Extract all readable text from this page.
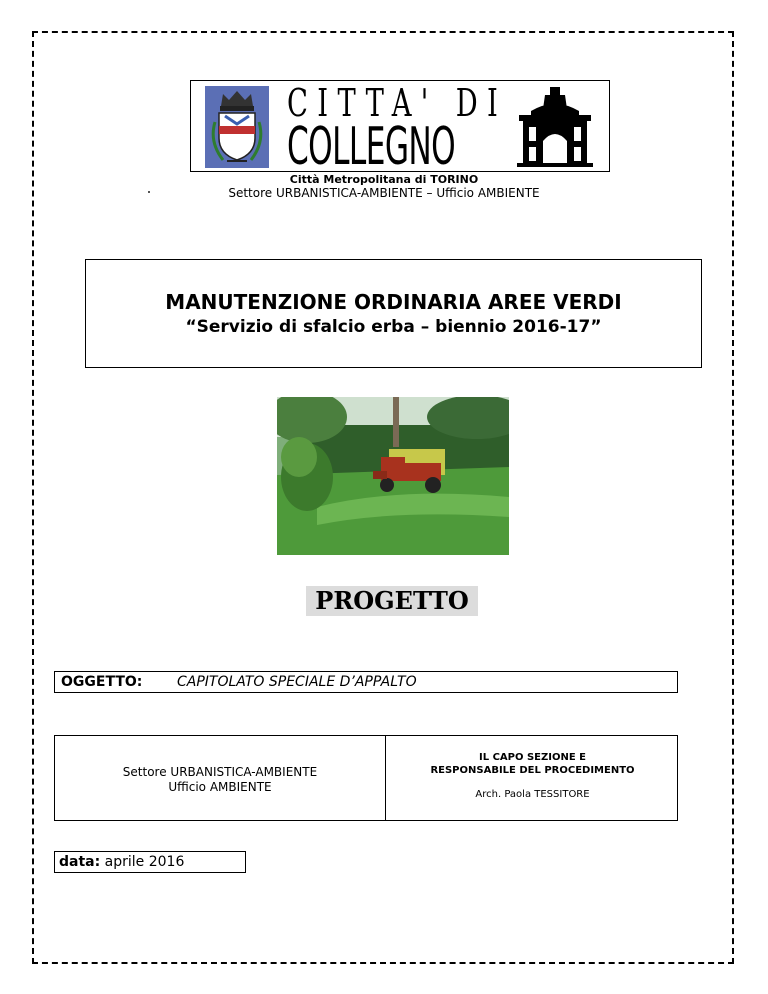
CITTA' DI
COLLEGNO
Città Metropolitana di TORINO
Settore URBANISTICA-AMBIENTE – Ufficio AMBIENTE
MANUTENZIONE ORDINARIA AREE VERDI
“Servizio di sfalcio erba – biennio 2016-17”
PROGETTO
OGGETTO: CAPITOLATO SPECIALE D’APPALTO
Settore URBANISTICA-AMBIENTE
Ufficio AMBIENTE
IL CAPO SEZIONE E
RESPONSABILE DEL PROCEDIMENTO
Arch. Paola TESSITORE
data: aprile 2016
